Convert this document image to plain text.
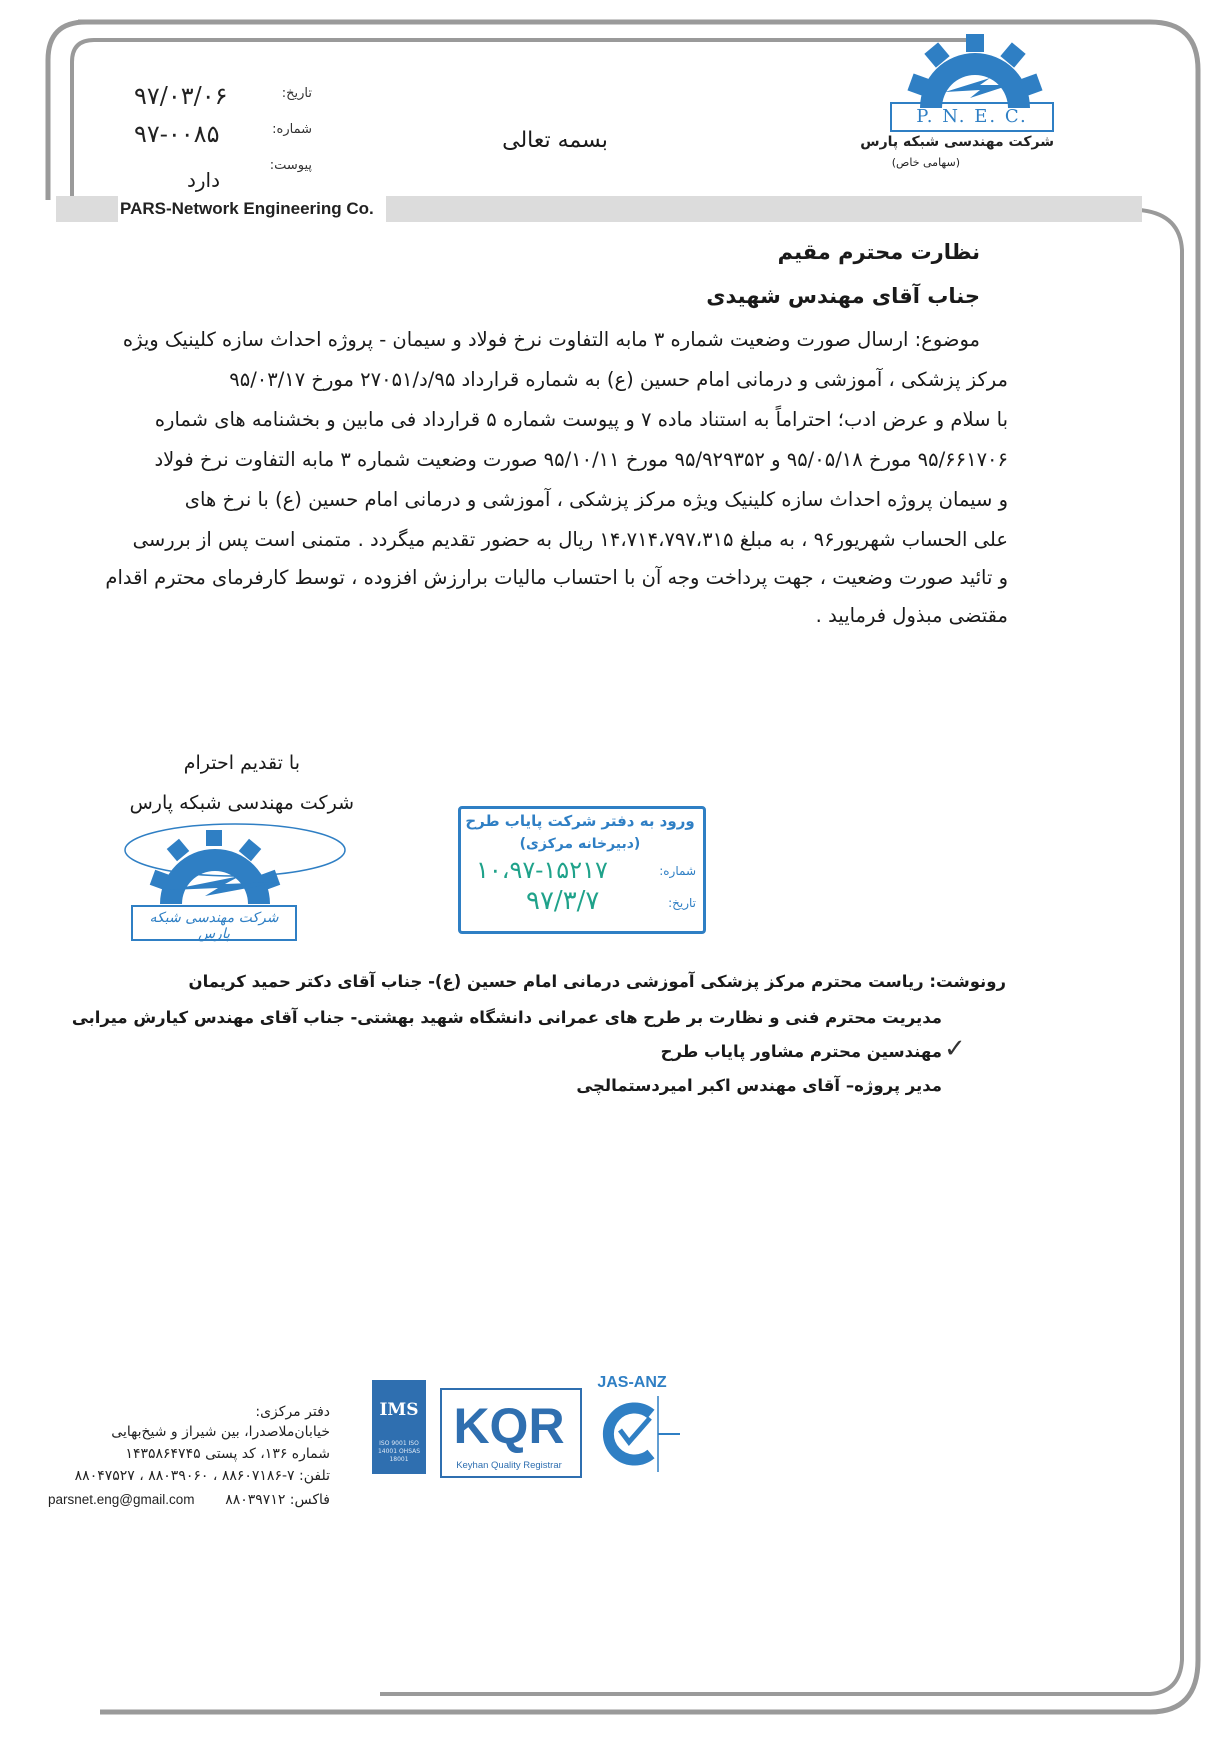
تاریخ:
۹۷/۰۳/۰۶
شماره:
۹۷-۰۰۸۵
پیوست:
دارد
بسمه تعالی
PARS-Network Engineering Co.
P. N. E. C.
شرکت مهندسی شبکه پارس
(سهامی خاص)
نظارت محترم مقیم
جناب آقای مهندس شهیدی
موضوع: ارسال صورت وضعیت شماره ۳ مابه التفاوت نرخ فولاد و سیمان - پروژه احداث سازه کلینیک ویژه
مرکز پزشکی ، آموزشی و درمانی امام حسین (ع) به شماره قرارداد ۹۵/د/۲۷۰۵۱ مورخ ۹۵/۰۳/۱۷
با سلام و عرض ادب؛ احتراماً به استناد ماده ۷ و پیوست شماره ۵ قرارداد فی مابین و بخشنامه های شماره
۹۵/۶۶۱۷۰۶ مورخ ۹۵/۰۵/۱۸ و ۹۵/۹۲۹۳۵۲ مورخ ۹۵/۱۰/۱۱ صورت وضعیت شماره ۳ مابه التفاوت نرخ فولاد
و سیمان پروژه احداث سازه کلینیک ویژه مرکز پزشکی ، آموزشی و درمانی امام حسین (ع) با نرخ های
علی الحساب شهریور۹۶ ، به مبلغ ۱۴،۷۱۴،۷۹۷،۳۱۵ ریال به حضور تقدیم میگردد . متمنی است پس از بررسی
و تائید صورت وضعیت ، جهت پرداخت وجه آن با احتساب مالیات برارزش افزوده ، توسط کارفرمای محترم اقدام
مقتضی مبذول فرمایید .
با تقدیم احترام
شرکت مهندسی شبکه پارس
شرکت مهندسی شبکه پارس
ورود به دفتر شرکت پایاب طرح
(دبیرخانه مرکزی)
شماره:
۱۰،۹۷-۱۵۲۱۷
تاریخ:
۹۷/۳/۷
رونوشت: ریاست محترم مرکز پزشکی آموزشی درمانی امام حسین (ع)- جناب آقای دکتر حمید کریمان
مدیریت محترم فنی و نظارت بر طرح های عمرانی دانشگاه شهید بهشتی- جناب آقای مهندس کیارش میرابی
مهندسین محترم مشاور پایاب طرح ✓
مدیر پروژه– آقای مهندس اکبر امیردستمالچی
دفتر مرکزی:
خیابان‌ملاصدرا، بین شیراز و شیخ‌بهایی
شماره ۱۳۶، کد پستی ۱۴۳۵۸۶۴۷۴۵
تلفن: ۷-۸۸۶۰۷۱۸۶ ، ۸۸۰۳۹۰۶۰ ، ۸۸۰۴۷۵۲۷
parsnet.eng@gmail.com	فاکس: ۸۸۰۳۹۷۱۲
IMS
ISO 9001 ISO 14001 OHSAS 18001
KQR
Keyhan Quality Registrar
JAS-ANZ
